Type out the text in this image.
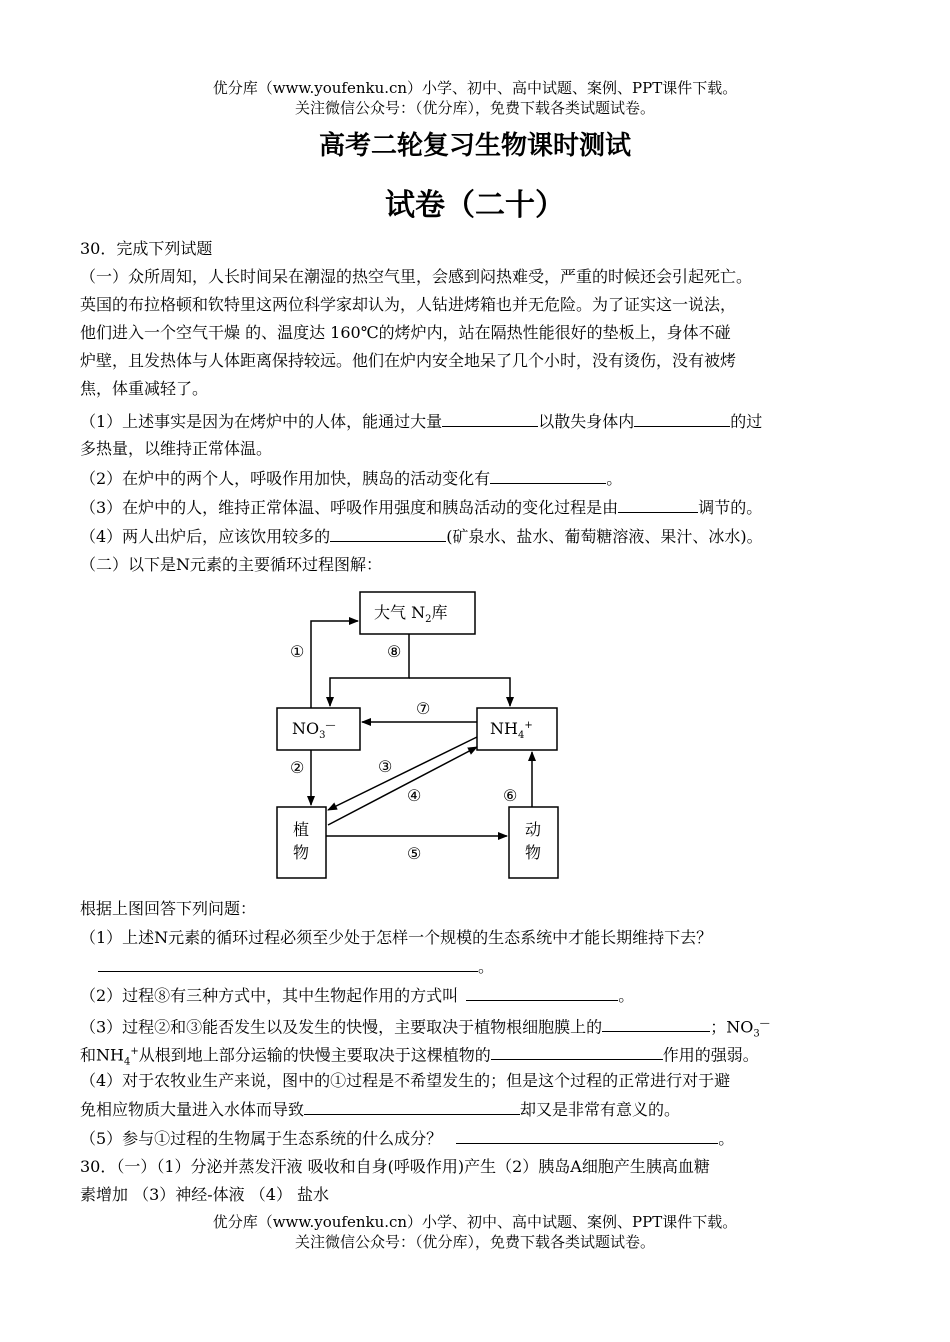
优分库（www.youfenku.cn）小学、初中、高中试题、案例、PPT课件下载。
关注微信公众号：（优分库），免费下载各类试题试卷。
高考二轮复习生物课时测试
试卷（二十）
30．完成下列试题
（一）众所周知，人长时间呆在潮湿的热空气里，会感到闷热难受，严重的时候还会引起死亡。
英国的布拉格顿和钦特里这两位科学家却认为，人钻进烤箱也并无危险。为了证实这一说法，
他们进入一个空气干燥 的、温度达 160℃的烤炉内，站在隔热性能很好的垫板上，身体不碰
炉壁，且发热体与人体距离保持较远。他们在炉内安全地呆了几个小时，没有烫伤，没有被烤
焦，体重减轻了。
（1）上述事实是因为在烤炉中的人体，能通过大量	以散失身体内	的过
多热量，以维持正常体温。
（2）在炉中的两个人，呼吸作用加快，胰岛的活动变化有	。
（3）在炉中的人，维持正常体温、呼吸作用强度和胰岛活动的变化过程是由	调节的。
（4）两人出炉后，应该饮用较多的	(矿泉水、盐水、葡萄糖溶液、果汁、冰水)。
（二）以下是N元素的主要循环过程图解：
大气 $N_2$库
$NO_3^—$	$NH_4^+$
植
物
动
物
①	⑧
⑦
②	③
④	⑥
⑤
根据上图回答下列问题：
（1）上述N元素的循环过程必须至少处于怎样一个规模的生态系统中才能长期维持下去？
。
（2）过程⑧有三种方式中，其中生物起作用的方式叫	。
（3）过程②和③能否发生以及发生的快慢，主要取决于植物根细胞膜上的	；$NO_3^—$
和$NH_4^+$从根到地上部分运输的快慢主要取决于这棵植物的	作用的强弱。
（4）对于农牧业生产来说，图中的①过程是不希望发生的；但是这个过程的正常进行对于避
免相应物质大量进入水体而导致	却又是非常有意义的。
（5）参与①过程的生物属于生态系统的什么成分？	。
30．（一）（1）分泌并蒸发汗液 吸收和自身(呼吸作用)产生（2）胰岛A细胞产生胰高血糖
素增加 （3）神经-体液 （4） 盐水
优分库（www.youfenku.cn）小学、初中、高中试题、案例、PPT课件下载。
关注微信公众号：（优分库），免费下载各类试题试卷。
